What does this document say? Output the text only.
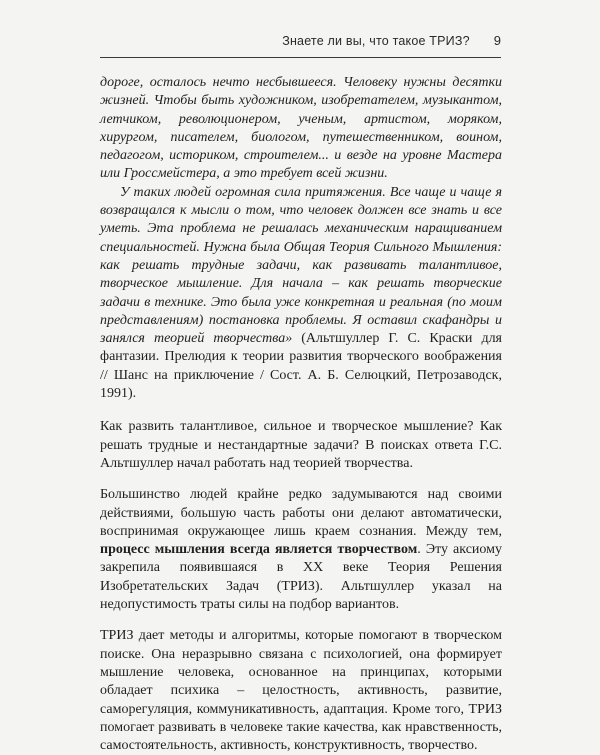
Знаете ли вы, что такое ТРИЗ? 9

дороге, осталось нечто несбывшееся. Человеку нужны десятки жизней. Чтобы быть художником, изобретателем, музыкантом, летчиком, революционером, ученым, артистом, моряком, хирургом, писателем, биологом, путешественником, воином, педагогом, историком, строителем... и везде на уровне Мастера или Гроссмейстера, а это требует всей жизни.

У таких людей огромная сила притяжения. Все чаще и чаще я возвращался к мысли о том, что человек должен все знать и все уметь. Эта проблема не решалась механическим наращиванием специальностей. Нужна была Общая Теория Сильного Мышления: как решать трудные задачи, как развивать талантливое, творческое мышление. Для начала – как решать творческие задачи в технике. Это была уже конкретная и реальная (по моим представлениям) постановка проблемы. Я оставил скафандры и занялся теорией творчества» (Альтшуллер Г. С. Краски для фантазии. Прелюдия к теории развития творческого воображения // Шанс на приключение / Сост. А. Б. Селюцкий, Петрозаводск, 1991).

Как развить талантливое, сильное и творческое мышление? Как решать трудные и нестандартные задачи? В поисках ответа Г.С. Альтшуллер начал работать над теорией творчества.

Большинство людей крайне редко задумываются над своими действиями, большую часть работы они делают автоматически, воспринимая окружающее лишь краем сознания. Между тем, процесс мышления всегда является творчеством. Эту аксиому закрепила появившаяся в XX веке Теория Решения Изобретательских Задач (ТРИЗ). Альтшуллер указал на недопустимость траты силы на подбор вариантов.

ТРИЗ дает методы и алгоритмы, которые помогают в творческом поиске. Она неразрывно связана с психологией, она формирует мышление человека, основанное на принципах, которыми обладает психика – целостность, активность, развитие, саморегуляция, коммуникативность, адаптация. Кроме того, ТРИЗ помогает развивать в человеке такие качества, как нравственность, самостоятельность, активность, конструктивность, творчество.
